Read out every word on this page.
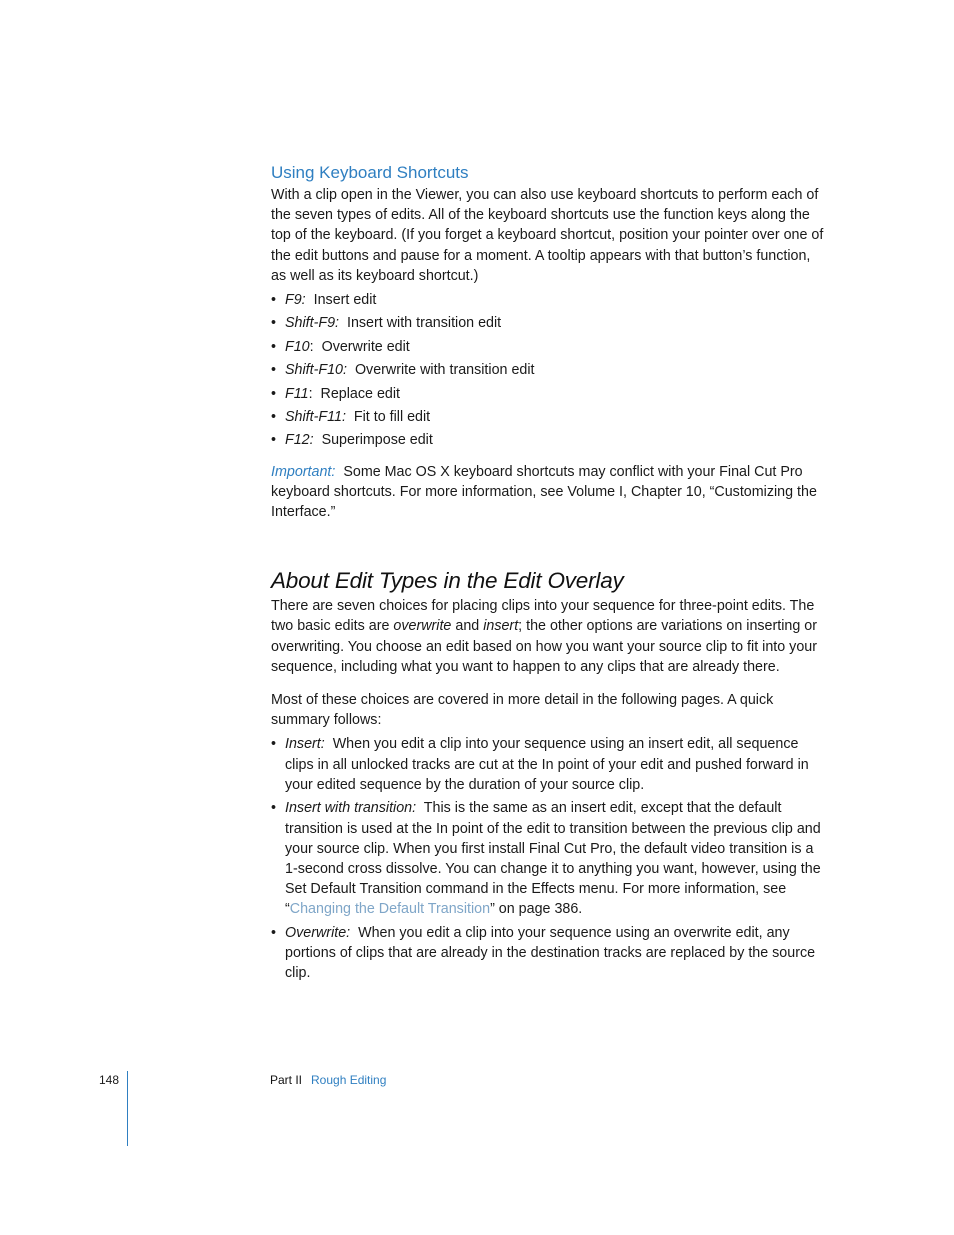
Using Keyboard Shortcuts

With a clip open in the Viewer, you can also use keyboard shortcuts to perform each of the seven types of edits. All of the keyboard shortcuts use the function keys along the top of the keyboard. (If you forget a keyboard shortcut, position your pointer over one of the edit buttons and pause for a moment. A tooltip appears with that button’s function, as well as its keyboard shortcut.)

• F9: Insert edit
• Shift-F9: Insert with transition edit
• F10: Overwrite edit
• Shift-F10: Overwrite with transition edit
• F11: Replace edit
• Shift-F11: Fit to fill edit
• F12: Superimpose edit

Important: Some Mac OS X keyboard shortcuts may conflict with your Final Cut Pro keyboard shortcuts. For more information, see Volume I, Chapter 10, “Customizing the Interface.”

About Edit Types in the Edit Overlay

There are seven choices for placing clips into your sequence for three-point edits. The two basic edits are overwrite and insert; the other options are variations on inserting or overwriting. You choose an edit based on how you want your source clip to fit into your sequence, including what you want to happen to any clips that are already there.

Most of these choices are covered in more detail in the following pages. A quick summary follows:

• Insert: When you edit a clip into your sequence using an insert edit, all sequence clips in all unlocked tracks are cut at the In point of your edit and pushed forward in your edited sequence by the duration of your source clip.
• Insert with transition: This is the same as an insert edit, except that the default transition is used at the In point of the edit to transition between the previous clip and your source clip. When you first install Final Cut Pro, the default video transition is a 1-second cross dissolve. You can change it to anything you want, however, using the Set Default Transition command in the Effects menu. For more information, see “Changing the Default Transition” on page 386.
• Overwrite: When you edit a clip into your sequence using an overwrite edit, any portions of clips that are already in the destination tracks are replaced by the source clip.
148	Part II Rough Editing
